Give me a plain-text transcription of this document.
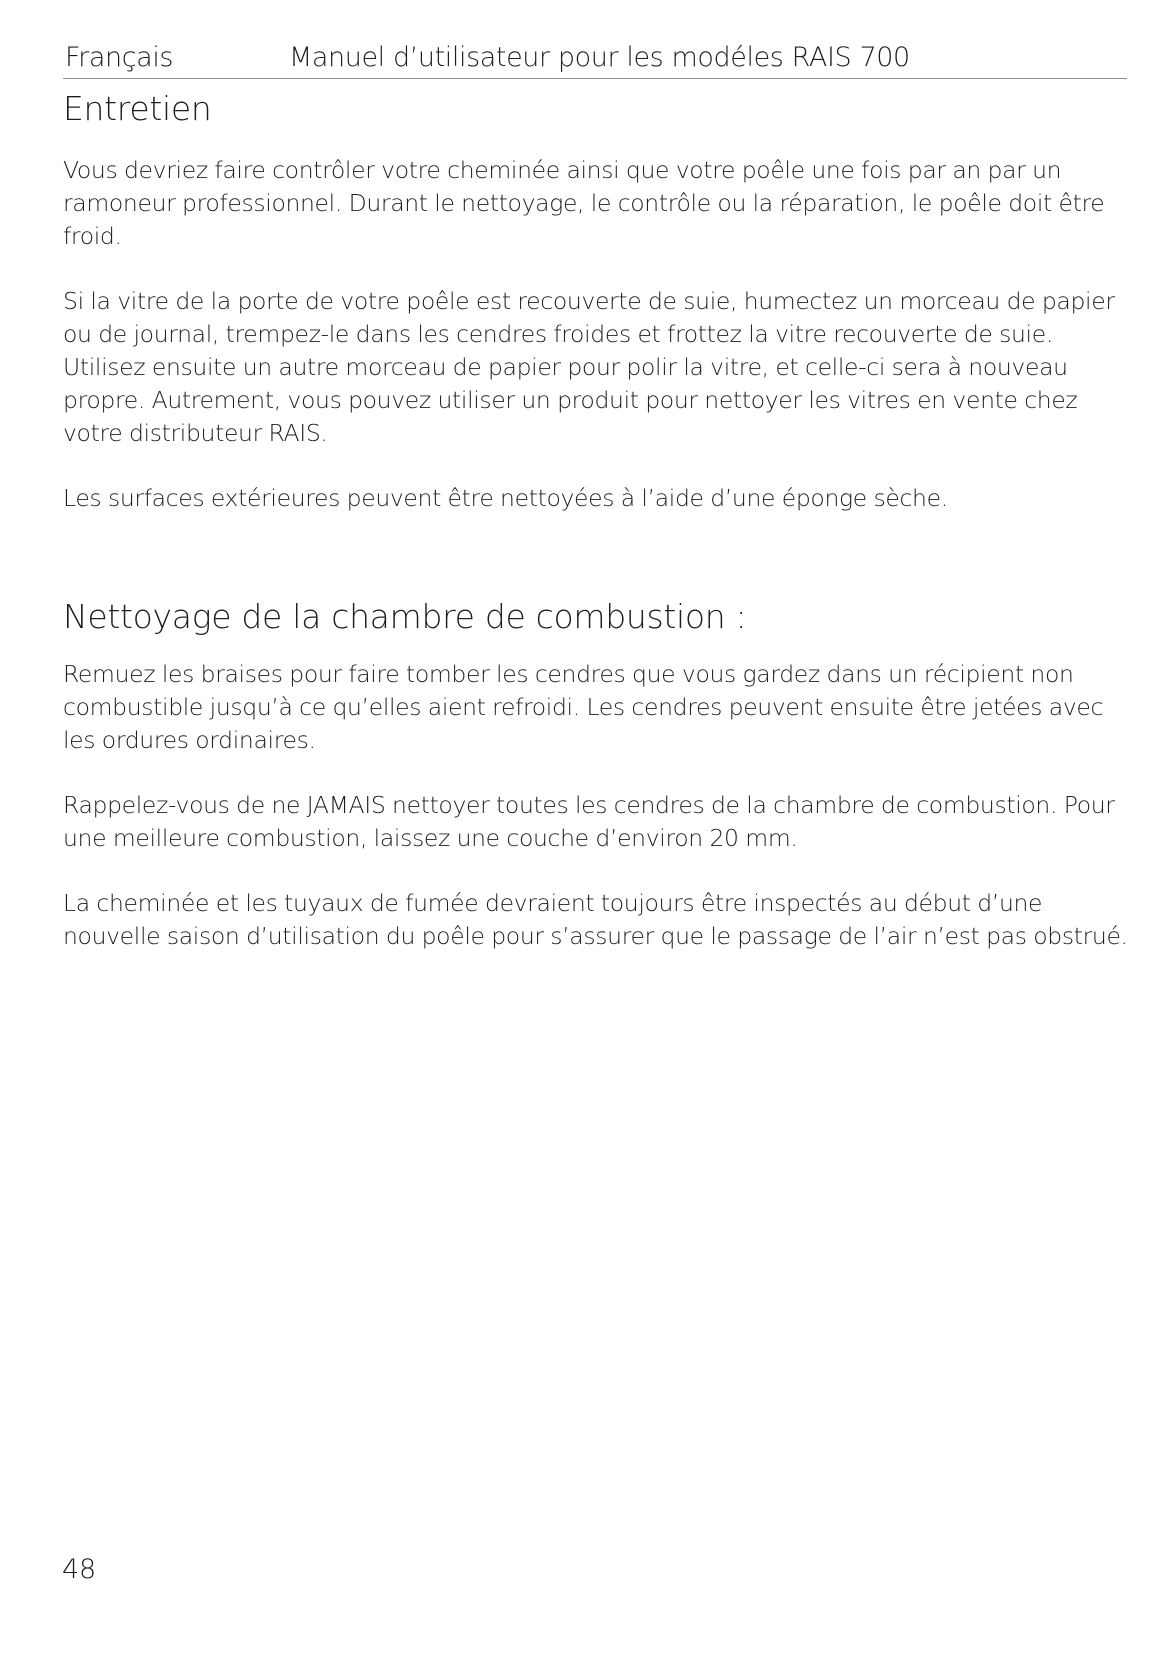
Français	Manuel d’utilisateur pour les modéles RAIS 700
Entretien

Vous devriez faire contrôler votre cheminée ainsi que votre poêle une fois par an par un ramoneur professionnel. Durant le nettoyage, le contrôle ou la réparation, le poêle doit être froid.

Si la vitre de la porte de votre poêle est recouverte de suie, humectez un morceau de papier ou de journal, trempez-le dans les cendres froides et frottez la vitre recouverte de suie. Utilisez ensuite un autre morceau de papier pour polir la vitre, et celle-ci sera à nouveau propre. Autrement, vous pouvez utiliser un produit pour nettoyer les vitres en vente chez votre distributeur RAIS.

Les surfaces extérieures peuvent être nettoyées à l’aide d’une éponge sèche.

Nettoyage de la chambre de combustion :

Remuez les braises pour faire tomber les cendres que vous gardez dans un récipient non combustible jusqu’à ce qu’elles aient refroidi. Les cendres peuvent ensuite être jetées avec les ordures ordinaires.

Rappelez-vous de ne JAMAIS nettoyer toutes les cendres de la chambre de combustion. Pour une meilleure combustion, laissez une couche d’environ 20 mm.

La cheminée et les tuyaux de fumée devraient toujours être inspectés au début d’une nouvelle saison d’utilisation du poêle pour s’assurer que le passage de l’air n’est pas obstrué.

48
